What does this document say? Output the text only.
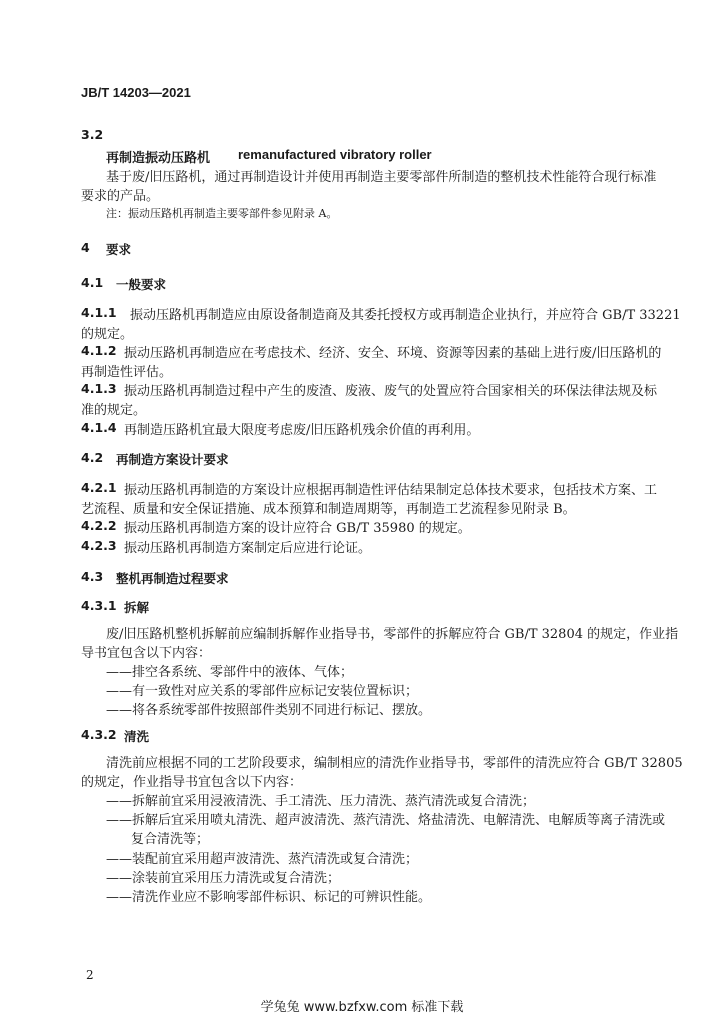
JB/T 14203—2021
3.2
再制造振动压路机 remanufactured vibratory roller
基于废/旧压路机，通过再制造设计并使用再制造主要零部件所制造的整机技术性能符合现行标准
要求的产品。
注：振动压路机再制造主要零部件参见附录 A。
4 要求
4.1 一般要求
4.1.1 振动压路机再制造应由原设备制造商及其委托授权方或再制造企业执行，并应符合 GB/T 33221
的规定。
4.1.2 振动压路机再制造应在考虑技术、经济、安全、环境、资源等因素的基础上进行废/旧压路机的
再制造性评估。
4.1.3 振动压路机再制造过程中产生的废渣、废液、废气的处置应符合国家相关的环保法律法规及标
准的规定。
4.1.4 再制造压路机宜最大限度考虑废/旧压路机残余价值的再利用。
4.2 再制造方案设计要求
4.2.1 振动压路机再制造的方案设计应根据再制造性评估结果制定总体技术要求，包括技术方案、工
艺流程、质量和安全保证措施、成本预算和制造周期等，再制造工艺流程参见附录 B。
4.2.2 振动压路机再制造方案的设计应符合 GB/T 35980 的规定。
4.2.3 振动压路机再制造方案制定后应进行论证。
4.3 整机再制造过程要求
4.3.1 拆解
废/旧压路机整机拆解前应编制拆解作业指导书，零部件的拆解应符合 GB/T 32804 的规定，作业指
导书宜包含以下内容：
——排空各系统、零部件中的液体、气体；
——有一致性对应关系的零部件应标记安装位置标识；
——将各系统零部件按照部件类别不同进行标记、摆放。
4.3.2 清洗
清洗前应根据不同的工艺阶段要求，编制相应的清洗作业指导书，零部件的清洗应符合 GB/T 32805
的规定，作业指导书宜包含以下内容：
——拆解前宜采用浸液清洗、手工清洗、压力清洗、蒸汽清洗或复合清洗；
——拆解后宜采用喷丸清洗、超声波清洗、蒸汽清洗、烙盐清洗、电解清洗、电解质等离子清洗或
复合清洗等；
——装配前宜采用超声波清洗、蒸汽清洗或复合清洗；
——涂装前宜采用压力清洗或复合清洗；
——清洗作业应不影响零部件标识、标记的可辨识性能。
2
学兔兔 www.bzfxw.com 标准下载
